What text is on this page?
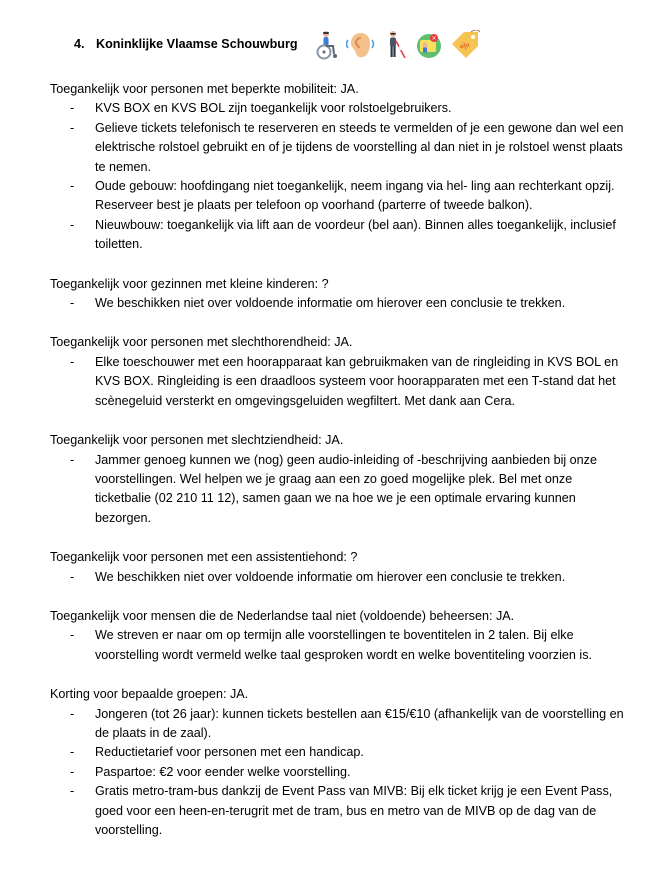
4. Koninklijke Vlaamse Schouwburg	×
%

Toegankelijk voor personen met beperkte mobiliteit: JA.

- KVS BOX en KVS BOL zijn toegankelijk voor rolstoelgebruikers.
- Gelieve tickets telefonisch te reserveren en steeds te vermelden of je een gewone dan wel een elektrische rolstoel gebruikt en of je tijdens de voorstelling al dan niet in je rolstoel wenst plaats te nemen.
- Oude gebouw: hoofdingang niet toegankelijk, neem ingang via hel- ling aan rechterkant opzij. Reserveer best je plaats per telefoon op voorhand (parterre of tweede balkon).
- Nieuwbouw: toegankelijk via lift aan de voordeur (bel aan). Binnen alles toegankelijk, inclusief toiletten.

Toegankelijk voor gezinnen met kleine kinderen: ?

- We beschikken niet over voldoende informatie om hierover een conclusie te trekken.

Toegankelijk voor personen met slechthorendheid: JA.

- Elke toeschouwer met een hoorapparaat kan gebruikmaken van de ringleiding in KVS BOL en KVS BOX. Ringleiding is een draadloos systeem voor hoorapparaten met een T-stand dat het scènegeluid versterkt en omgevingsgeluiden wegfiltert. Met dank aan Cera.

Toegankelijk voor personen met slechtziendheid: JA.

- Jammer genoeg kunnen we (nog) geen audio-inleiding of -beschrijving aanbieden bij onze voorstellingen. Wel helpen we je graag aan een zo goed mogelijke plek. Bel met onze ticketbalie (02 210 11 12), samen gaan we na hoe we je een optimale ervaring kunnen bezorgen.

Toegankelijk voor personen met een assistentiehond: ?

- We beschikken niet over voldoende informatie om hierover een conclusie te trekken.

Toegankelijk voor mensen die de Nederlandse taal niet (voldoende) beheersen: JA.

- We streven er naar om op termijn alle voorstellingen te boventitelen in 2 talen. Bij elke voorstelling wordt vermeld welke taal gesproken wordt en welke boventiteling voorzien is.

Korting voor bepaalde groepen: JA.

- Jongeren (tot 26 jaar): kunnen tickets bestellen aan €15/€10 (afhankelijk van de voorstelling en de plaats in de zaal).
- Reductietarief voor personen met een handicap.
- Paspartoe: €2 voor eender welke voorstelling.
- Gratis metro-tram-bus dankzij de Event Pass van MIVB: Bij elk ticket krijg je een Event Pass, goed voor een heen-en-terugrit met de tram, bus en metro van de MIVB op de dag van de voorstelling.
